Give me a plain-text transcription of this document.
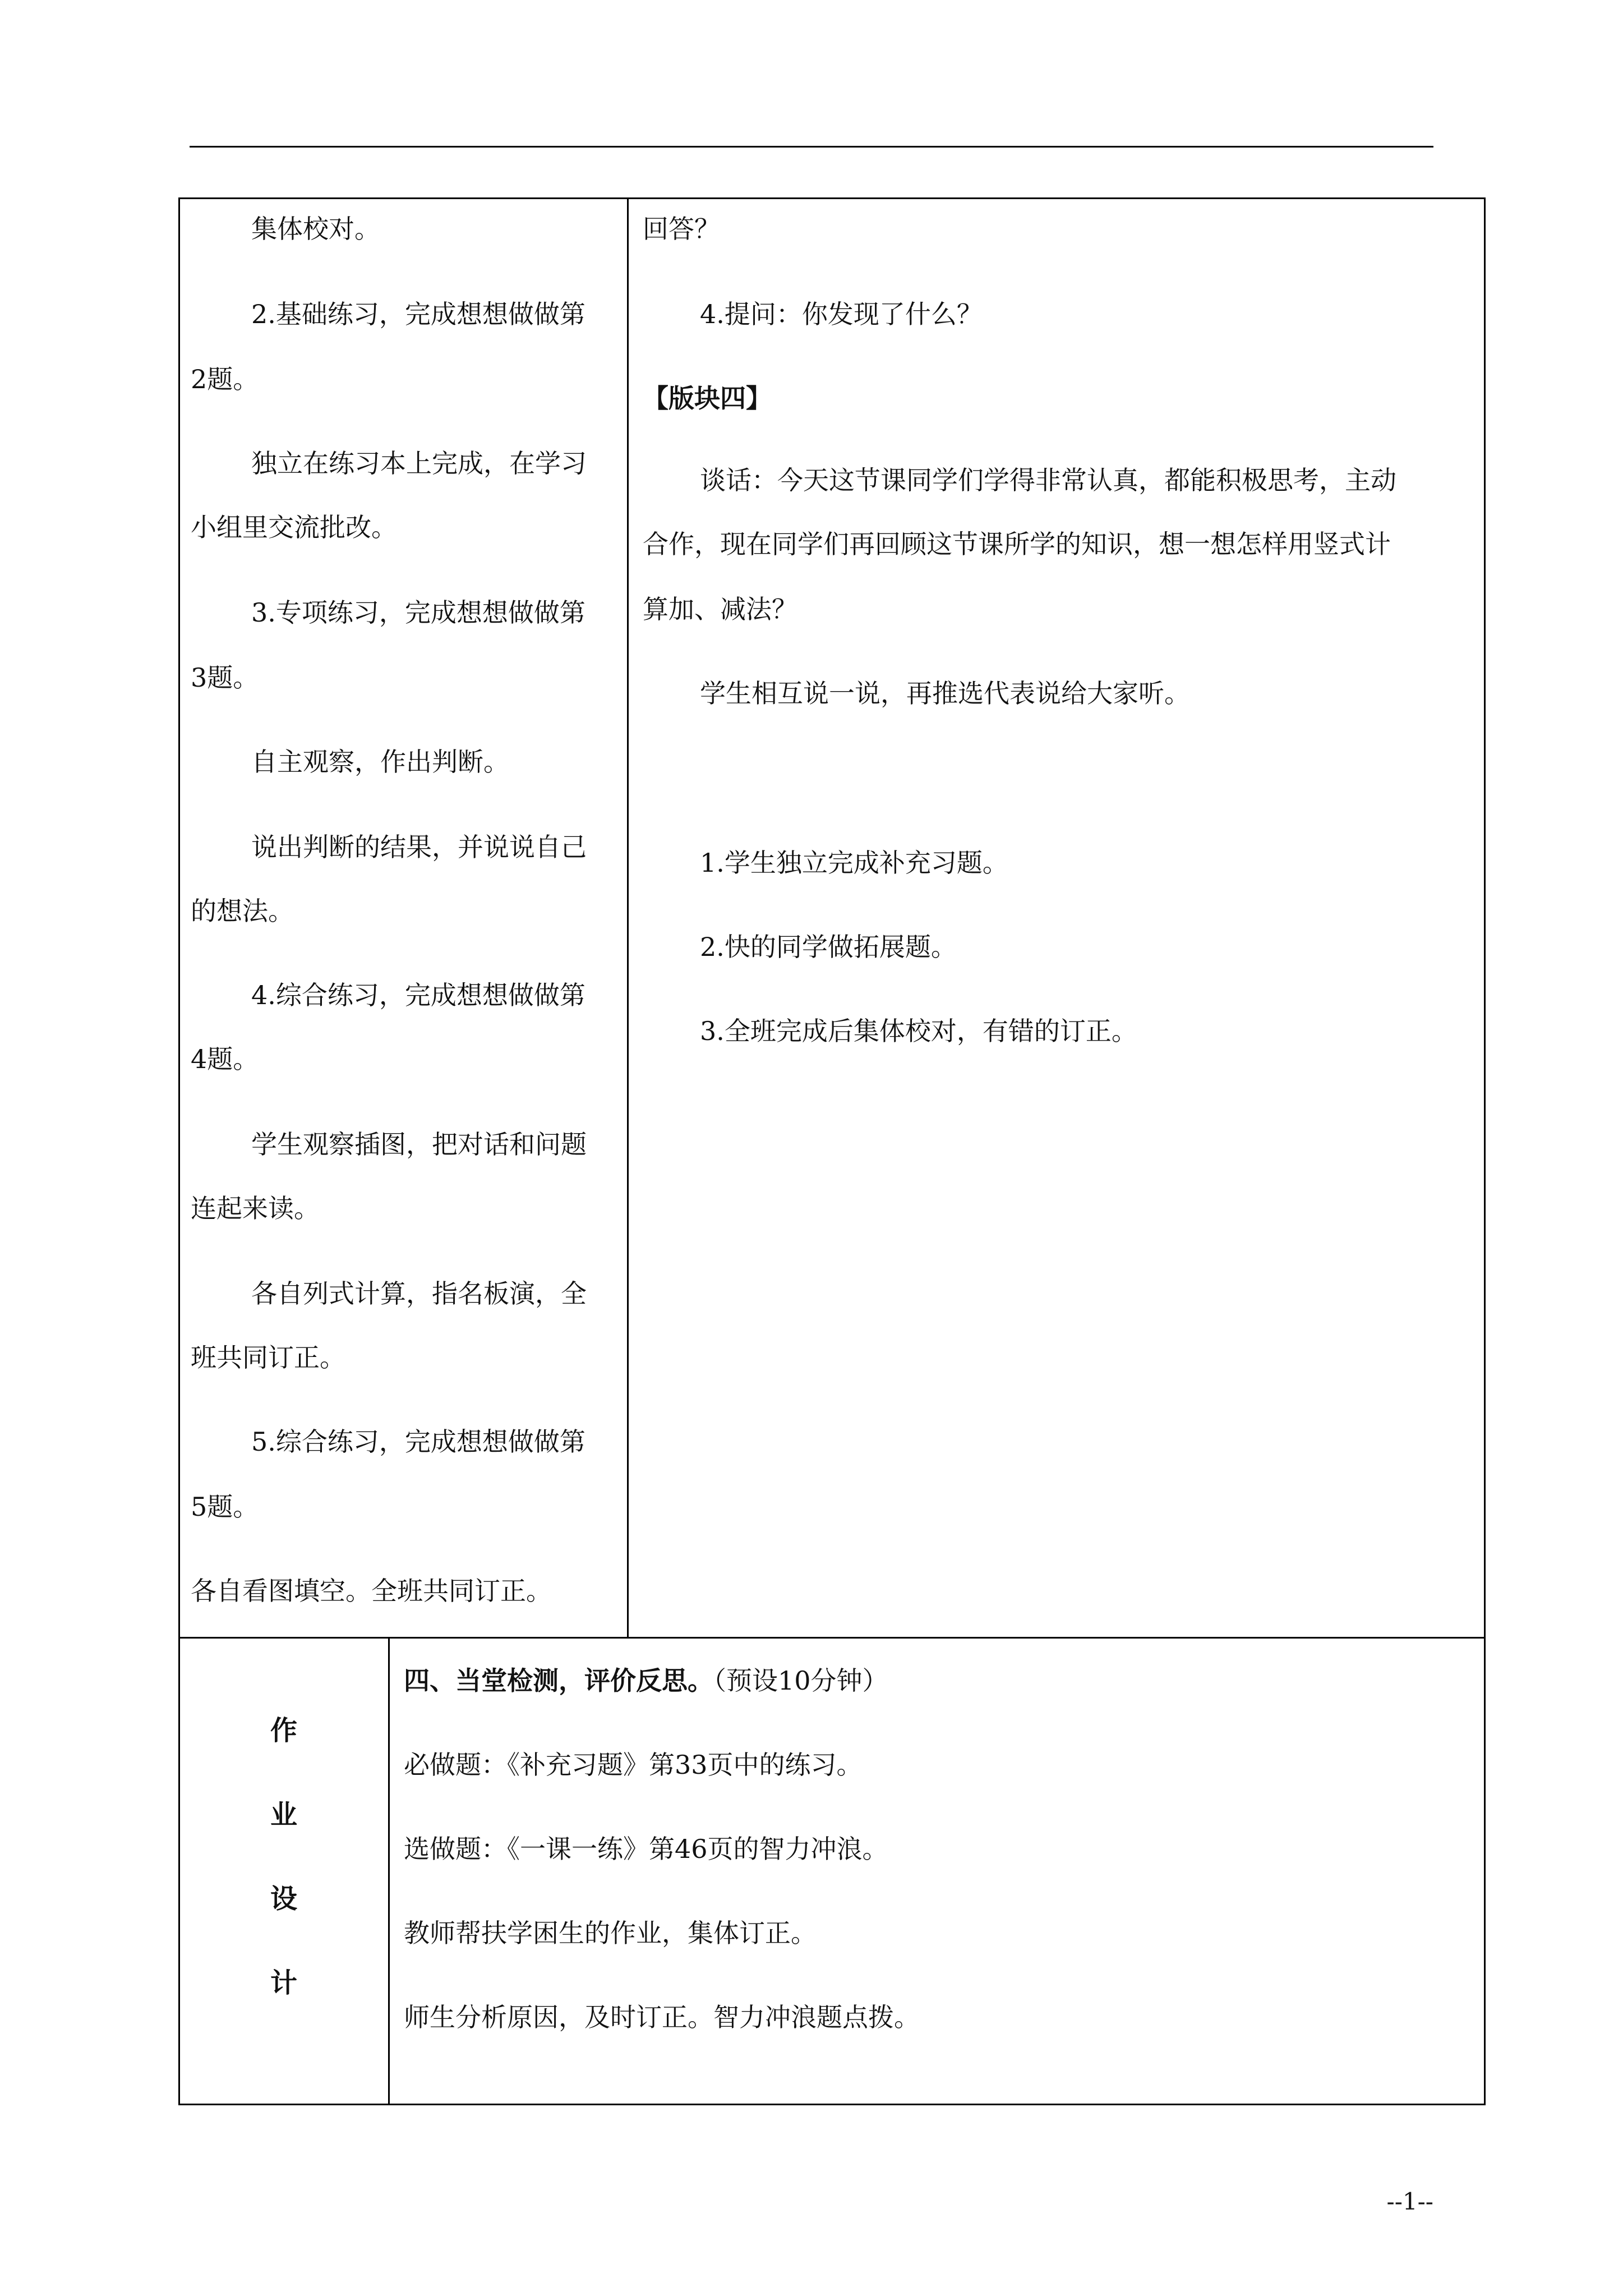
集体校对。
2.基础练习，完成想想做做第
2题。
独立在练习本上完成，在学习
小组里交流批改。
3.专项练习，完成想想做做第
3题。
自主观察，作出判断。
说出判断的结果，并说说自己
的想法。
4.综合练习，完成想想做做第
4题。
学生观察插图，把对话和问题
连起来读。
各自列式计算，指名板演，全
班共同订正。
5.综合练习，完成想想做做第
5题。
各自看图填空。全班共同订正。
回答？
4.提问：你发现了什么？
【版块四】
谈话：今天这节课同学们学得非常认真，都能积极思考，主动
合作，现在同学们再回顾这节课所学的知识，想一想怎样用竖式计
算加、减法？
学生相互说一说，再推选代表说给大家听。
1.学生独立完成补充习题。
2.快的同学做拓展题。
3.全班完成后集体校对，有错的订正。
作
业
设
计
四、当堂检测，评价反思。（预设10分钟）
必做题：《补充习题》第33页中的练习。
选做题：《一课一练》第46页的智力冲浪。
教师帮扶学困生的作业，集体订正。
师生分析原因，及时订正。智力冲浪题点拨。
--1--
